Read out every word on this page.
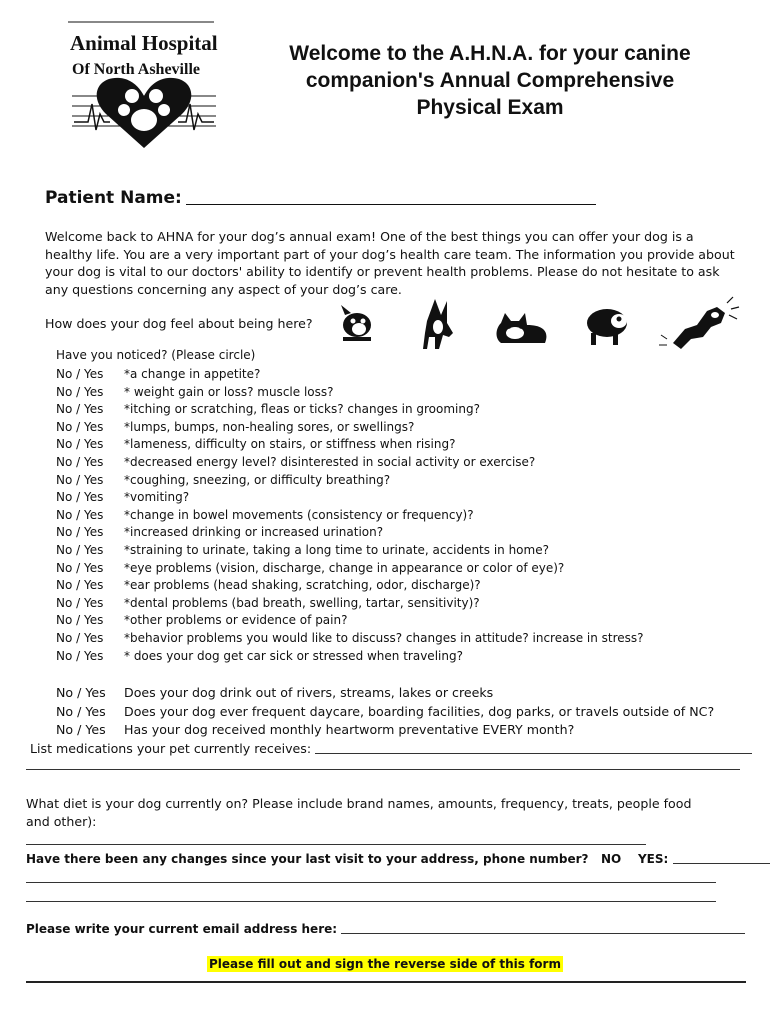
Animal Hospital
Of North Asheville
Welcome to the A.H.N.A. for your canine
companion's Annual Comprehensive
Physical Exam
Patient Name:
Welcome back to AHNA for your dog’s annual exam! One of the best things you can offer your dog is a healthy life. You are a very important part of your dog’s health care team. The information you provide about your dog is vital to our doctors' ability to identify or prevent health problems. Please do not hesitate to ask any questions concerning any aspect of your dog’s care.
How does your dog feel about being here?
Have you noticed? (Please circle)
No / Yes *a change in appetite?
No / Yes * weight gain or loss? muscle loss?
No / Yes *itching or scratching, fleas or ticks? changes in grooming?
No / Yes *lumps, bumps, non-healing sores, or swellings?
No / Yes *lameness, difficulty on stairs, or stiffness when rising?
No / Yes *decreased energy level? disinterested in social activity or exercise?
No / Yes *coughing, sneezing, or difficulty breathing?
No / Yes *vomiting?
No / Yes *change in bowel movements (consistency or frequency)?
No / Yes *increased drinking or increased urination?
No / Yes *straining to urinate, taking a long time to urinate, accidents in home?
No / Yes *eye problems (vision, discharge, change in appearance or color of eye)?
No / Yes *ear problems (head shaking, scratching, odor, discharge)?
No / Yes *dental problems (bad breath, swelling, tartar, sensitivity)?
No / Yes *other problems or evidence of pain?
No / Yes *behavior problems you would like to discuss? changes in attitude? increase in stress?
No / Yes * does your dog get car sick or stressed when traveling?
No / Yes Does your dog drink out of rivers, streams, lakes or creeks
No / Yes Does your dog ever frequent daycare, boarding facilities, dog parks, or travels outside of NC?
No / Yes Has your dog received monthly heartworm preventative EVERY month?
List medications your pet currently receives:
What diet is your dog currently on? Please include brand names, amounts, frequency, treats, people food and other):
Have there been any changes since your last visit to your address, phone number? NO YES:
Please write your current email address here:
Please fill out and sign the reverse side of this form
